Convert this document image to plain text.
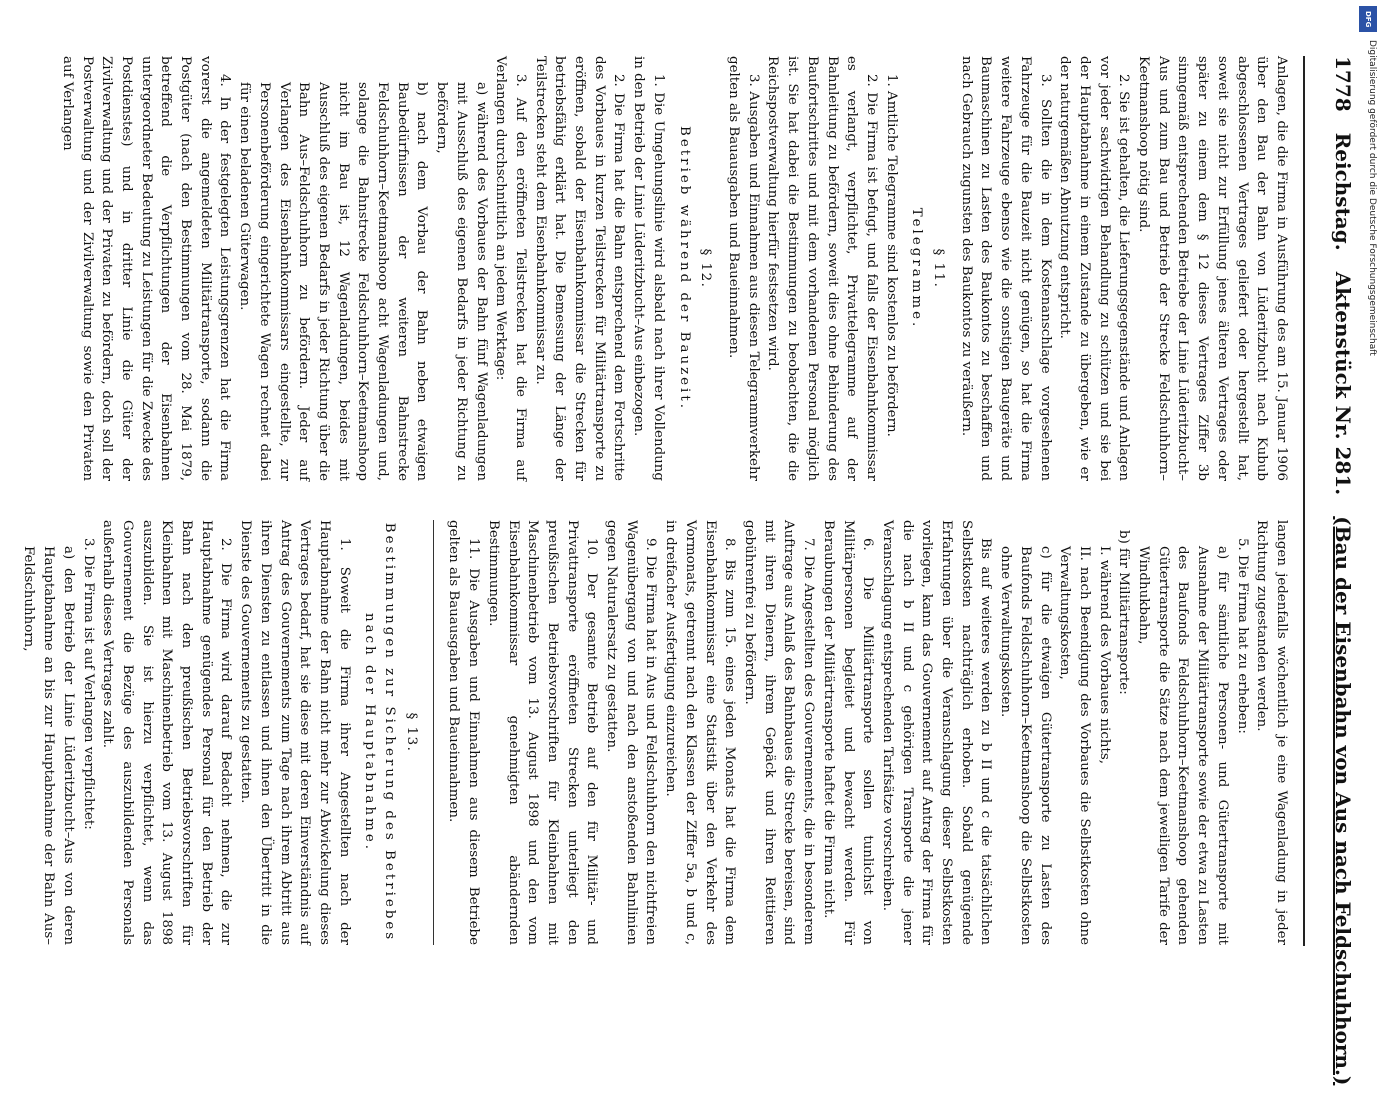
1778 Reichstag. Aktenstück Nr. 281. (Bau der Eisenbahn von Aus nach Feldschuhhorn.)

Anlagen, die die Firma in Ausführung des am 15. Januar 1906 über den Bau der Bahn von Lüderitzbucht nach Kubub abgeschlossenen Vertrages geliefert oder hergestellt hat, soweit sie nicht zur Erfüllung jenes älteren Vertrages oder später zu einem dem § 12 dieses Vertrages Ziffer 3b sinngemäß entsprechenden Betriebe der Linie Lüderitzbucht–Aus und zum Bau und Betrieb der Strecke Feldschuhhorn–Keetmanshoop nötig sind.

2. Sie ist gehalten, die Lieferungsgegenstände und Anlagen vor jeder sachwidrigen Behandlung zu schützen und sie bei der Hauptabnahme in einem Zustande zu übergeben, wie er der naturgemäßen Abnutzung entspricht.

3. Sollten die in dem Kostenanschlage vorgesehenen Fahrzeuge für die Bauzeit nicht genügen, so hat die Firma weitere Fahrzeuge ebenso wie die sonstigen Baugeräte und Baumaschinen zu Lasten des Baukontos zu beschaffen und nach Gebrauch zugunsten des Baukontos zu veräußern.

§ 11.
Telegramme.

1. Amtliche Telegramme sind kostenlos zu befördern.

2. Die Firma ist befugt, und falls der Eisenbahnkommissar es verlangt, verpflichtet, Privattelegramme auf der Bahnleitung zu befördern, soweit dies ohne Behinderung des Baufortschrittes und mit dem vorhandenen Personal möglich ist. Sie hat dabei die Bestimmungen zu beobachten, die die Reichspostverwaltung hierfür festsetzen wird.

3. Ausgaben und Einnahmen aus diesen Telegrammverkehr gelten als Bauausgaben und Baueinnahmen.

§ 12.
Betrieb während der Bauzeit.

1. Die Umgehungslinie wird alsbald nach ihrer Vollendung in den Betrieb der Linie Lüderitzbucht–Aus einbezogen.

2. Die Firma hat die Bahn entsprechend dem Fortschritte des Vorbaues in kurzen Teilstrecken für Militärtransporte zu eröffnen, sobald der Eisenbahnkommissar die Strecken für betriebsfähig erklärt hat. Die Bemessung der Länge der Teilstrecken steht dem Eisenbahnkommissar zu.

3. Auf den eröffneten Teilstrecken hat die Firma auf Verlangen durchschnittlich an jedem Werktage:

a) während des Vorbaues der Bahn fünf Wagenladungen mit Ausschluß des eigenen Bedarfs in jeder Richtung zu befördern,

b) nach dem Vorbau der Bahn neben etwaigen Baubedürfnissen der weiteren Bahnstrecke Feldschuhhorn–Keetmanshoop acht Wagenladungen und, solange die Bahnstrecke Feldschuhhorn–Keetmanshoop nicht im Bau ist, 12 Wagenladungen, beides mit Ausschluß des eigenen Bedarfs in jeder Richtung über die Bahn Aus–Feldschuhhorn zu befördern. Jeder auf Verlangen des Eisenbahnkommissars eingestellte, zur Personenbeförderung eingerichtete Wagen rechnet dabei für einen beladenen Güterwagen.

4. In der festgelegten Leistungsgrenzen hat die Firma vorerst die angemeldeten Militärtransporte, sodann die Postgüter (nach den Bestimmungen vom 28. Mai 1879, betreffend die Verpflichtungen der Eisenbahnen untergeordneter Bedeutung zu Leistungen für die Zwecke des Postdienstes) und in dritter Linie die Güter der Zivilverwaltung und der Privaten zu befördern, doch soll der Postverwaltung und der Zivilverwaltung sowie den Privaten auf Verlangen

langen jedenfalls wöchentlich je eine Wagenladung in jeder Richtung zugestanden werden.

5. Die Firma hat zu erheben:

a) für sämtliche Personen- und Gütertransporte mit Ausnahme der Militärtransporte sowie der etwa zu Lasten des Baufonds Feldschuhhorn–Keetmanshoop gehenden Gütertransporte die Sätze nach dem jeweiligen Tarife der Windhukbahn,

b) für Militärtransporte:

I. während des Vorbaues nichts,

II. nach Beendigung des Vorbaues die Selbstkosten ohne Verwaltungskosten,

c) für die etwaigen Gütertransporte zu Lasten des Baufonds Feldschuhhorn–Keetmanshoop die Selbstkosten ohne Verwaltungskosten.

Bis auf weiteres werden zu b II und c die tatsächlichen Selbstkosten nachträglich erhoben. Sobald genügende Erfahrungen über die Veranschlagung dieser Selbstkosten vorliegen, kann das Gouvernement auf Antrag der Firma für die nach b II und c gehörigen Transporte die jener Veranschlagung entsprechenden Tarifsätze vorschreiben.

6. Die Militärtransporte sollen tunlichst von Militärpersonen begleitet und bewacht werden. Für Beraubungen der Militärtransporte haftet die Firma nicht.

7. Die Angestellten des Gouvernements, die in besonderem Auftrage aus Anlaß des Bahnbaues die Strecke bereisen, sind mit ihren Dienern, ihrem Gepäck und ihren Reittieren gebührenfrei zu befördern.

8. Bis zum 15. eines jeden Monats hat die Firma dem Eisenbahnkommissar eine Statistik über den Verkehr des Vormonats, getrennt nach den Klassen der Ziffer 5a, b und c, in dreifacher Ausfertigung einzureichen.

9. Die Firma hat in Aus und Feldschuhhorn den nichtfreien Wagenübergang von und nach den anstoßenden Bahnlinien gegen Naturalersatz zu gestatten.

10. Der gesamte Betrieb auf den für Militär- und Privattransporte eröffneten Strecken unterliegt den preußischen Betriebsvorschriften für Kleinbahnen mit Maschinenbetrieb vom 13. August 1898 und den vom Eisenbahnkommissar genehmigten abändernden Bestimmungen.

11. Die Ausgaben und Einnahmen aus diesem Betriebe gelten als Bauausgaben und Baueinnahmen.

§ 13.
Bestimmungen zur Sicherung des Betriebes nach der Hauptabnahme.

1. Soweit die Firma ihrer Angestellten nach der Hauptabnahme der Bahn nicht mehr zur Abwickelung dieses Vertrages bedarf, hat sie diese mit deren Einverständnis auf Antrag des Gouvernements zum Tage nach ihrem Abtritt aus ihren Diensten zu entlassen und ihnen den Übertritt in die Dienste des Gouvernements zu gestatten.

2. Die Firma wird darauf Bedacht nehmen, die zur Hauptabnahme genügendes Personal für den Betrieb der Bahn nach den preußischen Betriebsvorschriften für Kleinbahnen mit Maschinenbetrieb vom 13. August 1898 auszubilden. Sie ist hierzu verpflichtet, wenn das Gouvernement die Bezüge des auszubildenden Personals außerhalb dieses Vertrages zahlt.

3. Die Firma ist auf Verlangen verpflichtet:

a) den Betrieb der Linie Lüderitzbucht–Aus von deren Hauptabnahme an bis zur Hauptabnahme der Bahn Aus–Feldschuhhorn,

DFG
Digitalisierung gefördert durch die Deutsche Forschungsgemeinschaft
